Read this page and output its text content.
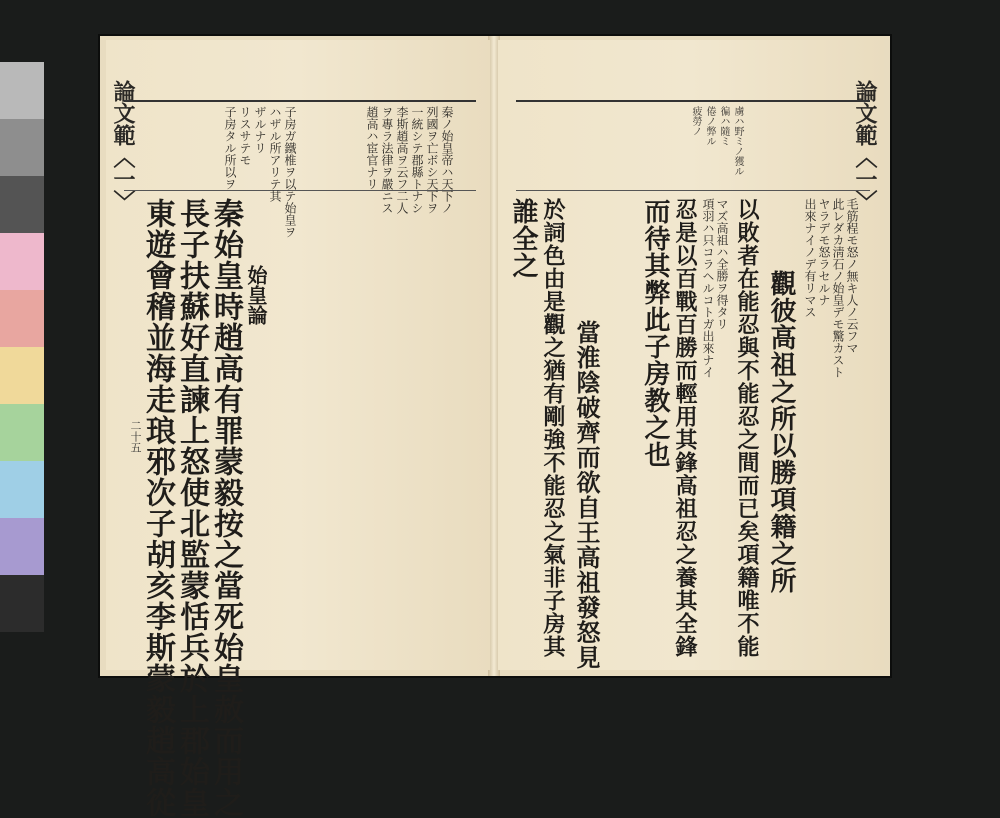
論文範〈一〉
二十五
秦ノ始皇帝ハ天下ノ
列國ヲ亡ボシ天下ヲ
一統シテ郡縣トナシ
李斯趙高ヲ云フ二人
ヲ專ラ法律ヲ嚴ニス
趙高ハ宦官ナリ
子房ガ鐵椎ヲ以テ始皇ヲ
ハザル所アリテ其
ザルナリ
リスサテモ
子房タル所以ヲ
秦始皇時趙高有罪蒙毅按之當死始皇赦而用之
長子扶蘇好直諫上怒使北監蒙恬兵於上郡始皇
東遊會稽並海走琅邪次子胡亥李斯蒙毅趙高從	始皇論
論文範〈一〉
虜ハ野ミノ獲ル
徧ハ隨ミ
倦ノ弊ル
疲勞ノ
毛筋程モ怒ノ無キ人ノ云フマ
此レダカ淸石ノ始皇デモ驚カスト
ヤラデモ怒ラセルナ
出來ナイノデ有リマス
マズ高祖ハ全勝ヲ得タリ
項羽ハ只コラヘルコトガ出來ナイ 觀彼高祖之所以勝項籍之所
以敗者在能忍與不能忍之間而已矣項籍唯不能
忍是以百戰百勝而輕用其鋒高祖忍之養其全鋒
而待其弊此子房教之也
當淮陰破齊而欲自王高祖發怒見
於詞色由是觀之猶有剛強不能忍之氣非子房其
誰全之
